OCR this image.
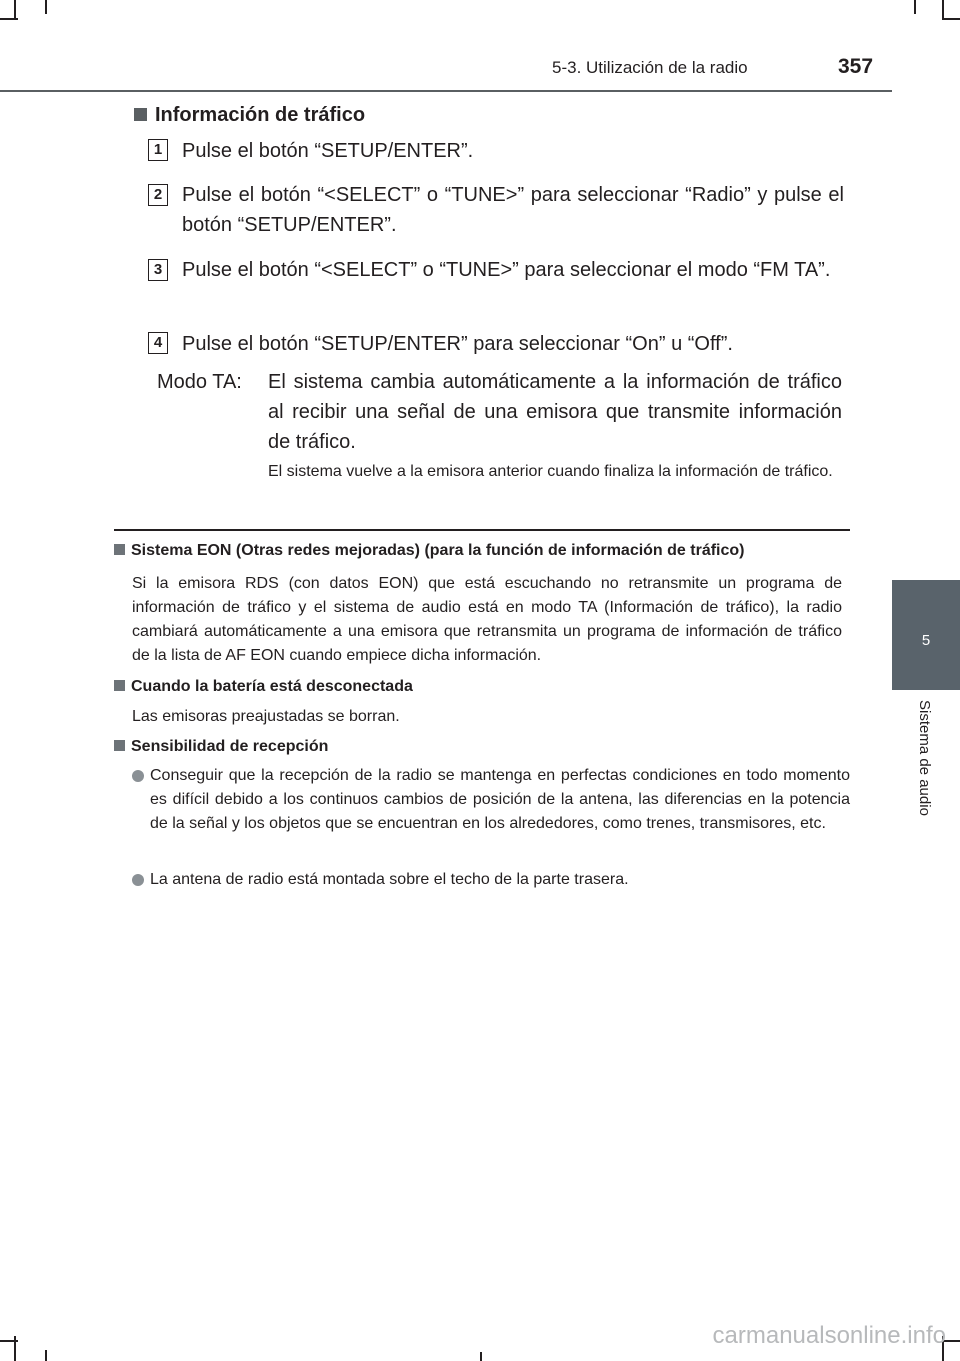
5-3. Utilización de la radio	357
5
Sistema de audio
Información de tráfico
1 Pulse el botón “SETUP/ENTER”.
2 Pulse el botón “<SELECT” o “TUNE>” para seleccionar “Radio” y pulse el botón “SETUP/ENTER”.
3 Pulse el botón “<SELECT” o “TUNE>” para seleccionar el modo “FM TA”.
4 Pulse el botón “SETUP/ENTER” para seleccionar “On” u “Off”.
Modo TA: El sistema cambia automáticamente a la información de tráfico al recibir una señal de una emisora que transmite información de tráfico.
El sistema vuelve a la emisora anterior cuando finaliza la información de tráfico.
Sistema EON (Otras redes mejoradas) (para la función de información de tráfico)
Si la emisora RDS (con datos EON) que está escuchando no retransmite un programa de información de tráfico y el sistema de audio está en modo TA (Información de tráfico), la radio cambiará automáticamente a una emisora que retransmita un programa de información de tráfico de la lista de AF EON cuando empiece dicha información.
Cuando la batería está desconectada
Las emisoras preajustadas se borran.
Sensibilidad de recepción
Conseguir que la recepción de la radio se mantenga en perfectas condiciones en todo momento es difícil debido a los continuos cambios de posición de la antena, las diferencias en la potencia de la señal y los objetos que se encuentran en los alrededores, como trenes, transmisores, etc.
La antena de radio está montada sobre el techo de la parte trasera.
carmanualsonline.info
